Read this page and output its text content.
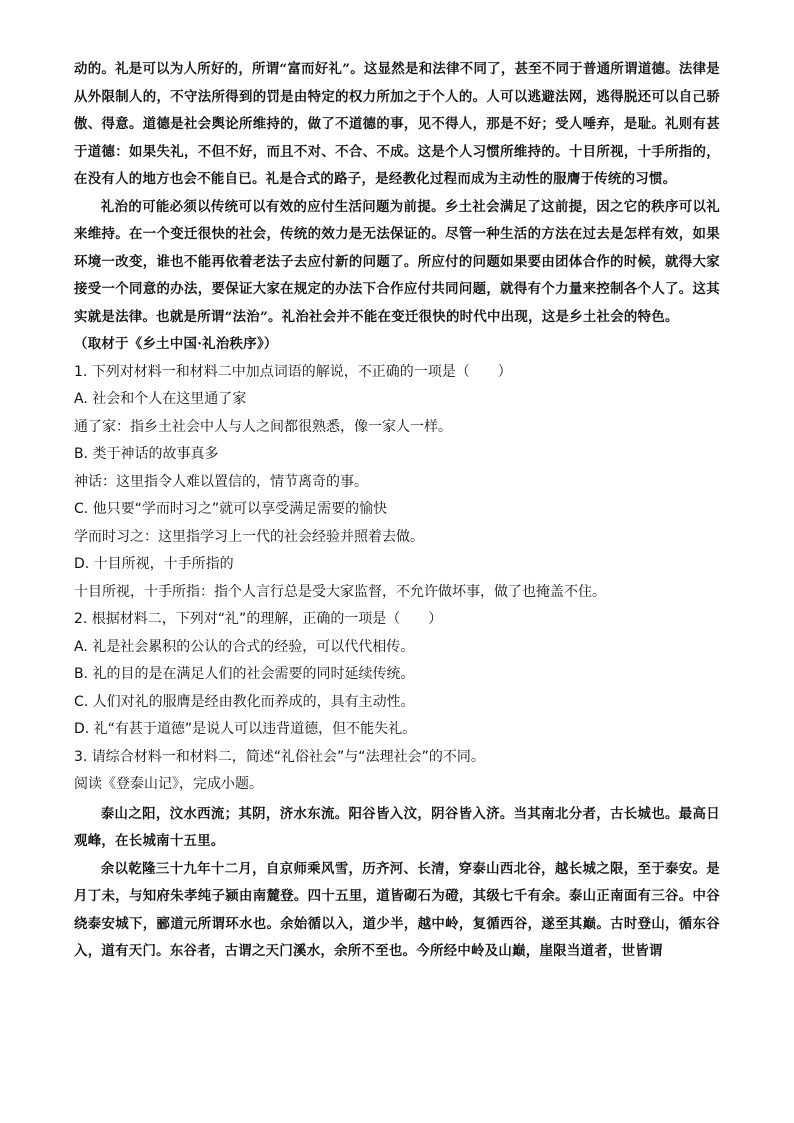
动的。礼是可以为人所好的，所谓“富而好礼”。这显然是和法律不同了，甚至不同于普通所谓道德。法律是从外限制人的，不守法所得到的罚是由特定的权力所加之于个人的。人可以逃避法网，逃得脱还可以自己骄傲、得意。道德是社会舆论所维持的，做了不道德的事，见不得人，那是不好；受人唾弃，是耻。礼则有甚于道德：如果失礼，不但不好，而且不对、不合、不成。这是个人习惯所维持的。十目所视，十手所指的，在没有人的地方也会不能自已。礼是合式的路子，是经教化过程而成为主动性的服膺于传统的习惯。

礼治的可能必须以传统可以有效的应付生活问题为前提。乡土社会满足了这前提，因之它的秩序可以礼来维持。在一个变迁很快的社会，传统的效力是无法保证的。尽管一种生活的方法在过去是怎样有效，如果环境一改变，谁也不能再依着老法子去应付新的问题了。所应付的问题如果要由团体合作的时候，就得大家接受一个同意的办法，要保证大家在规定的办法下合作应付共同问题，就得有个力量来控制各个人了。这其实就是法律。也就是所谓“法治”。礼治社会并不能在变迁很快的时代中出现，这是乡土社会的特色。

（取材于《乡土中国·礼治秩序》）

1. 下列对材料一和材料二中加点词语的解说，不正确的一项是（　　）

A. 社会和个人在这里通了家

通了家：指乡土社会中人与人之间都很熟悉，像一家人一样。

B. 类于神话的故事真多

神话：这里指令人难以置信的，情节离奇的事。

C. 他只要“学而时习之”就可以享受满足需要的愉快

学而时习之：这里指学习上一代的社会经验并照着去做。

D. 十目所视，十手所指的

十目所视，十手所指：指个人言行总是受大家监督，不允许做坏事，做了也掩盖不住。

2. 根据材料二，下列对“礼”的理解，正确的一项是（　　）

A. 礼是社会累积的公认的合式的经验，可以代代相传。

B. 礼的目的是在满足人们的社会需要的同时延续传统。

C. 人们对礼的服膺是经由教化而养成的，具有主动性。

D. 礼“有甚于道德”是说人可以违背道德，但不能失礼。

3. 请综合材料一和材料二，简述“礼俗社会”与“法理社会”的不同。

阅读《登泰山记》，完成小题。

泰山之阳，汶水西流；其阴，济水东流。阳谷皆入汶，阴谷皆入济。当其南北分者，古长城也。最高日观峰，在长城南十五里。

余以乾隆三十九年十二月，自京师乘风雪，历齐河、长清，穿泰山西北谷，越长城之限，至于泰安。是月丁未，与知府朱孝纯子颍由南麓登。四十五里，道皆砌石为磴，其级七千有余。泰山正南面有三谷。中谷绕泰安城下，郦道元所谓环水也。余始循以入，道少半，越中岭，复循西谷，遂至其巅。古时登山，循东谷入，道有天门。东谷者，古谓之天门溪水，余所不至也。今所经中岭及山巅，崖限当道者，世皆谓
